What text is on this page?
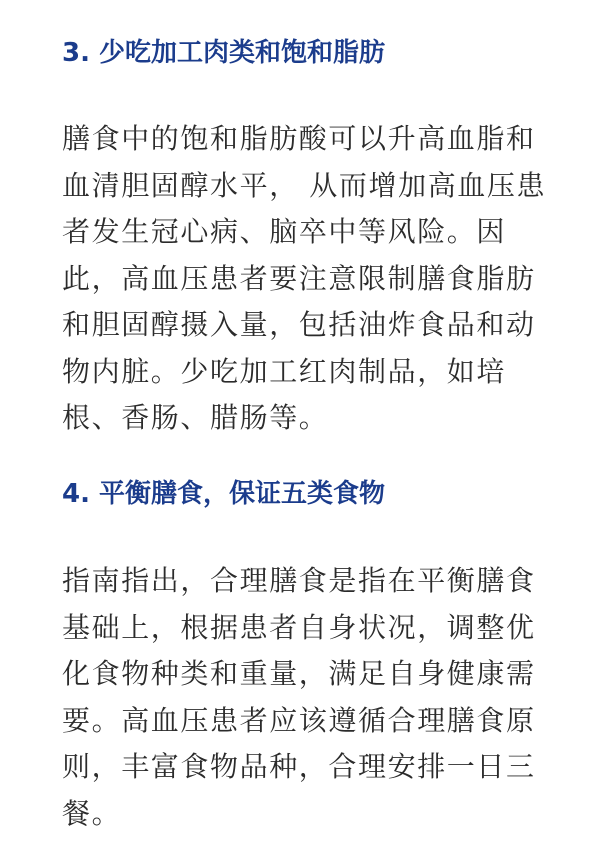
3. 少吃加工肉类和饱和脂肪
膳食中的饱和脂肪酸可以升高血脂和
血清胆固醇水平， 从而增加高血压患
者发生冠心病、脑卒中等风险。因
此，高血压患者要注意限制膳食脂肪
和胆固醇摄入量，包括油炸食品和动
物内脏。少吃加工红肉制品，如培
根、香肠、腊肠等。
4. 平衡膳食，保证五类食物
指南指出，合理膳食是指在平衡膳食
基础上，根据患者自身状况，调整优
化食物种类和重量，满足自身健康需
要。高血压患者应该遵循合理膳食原
则，丰富食物品种，合理安排一日三
餐。
